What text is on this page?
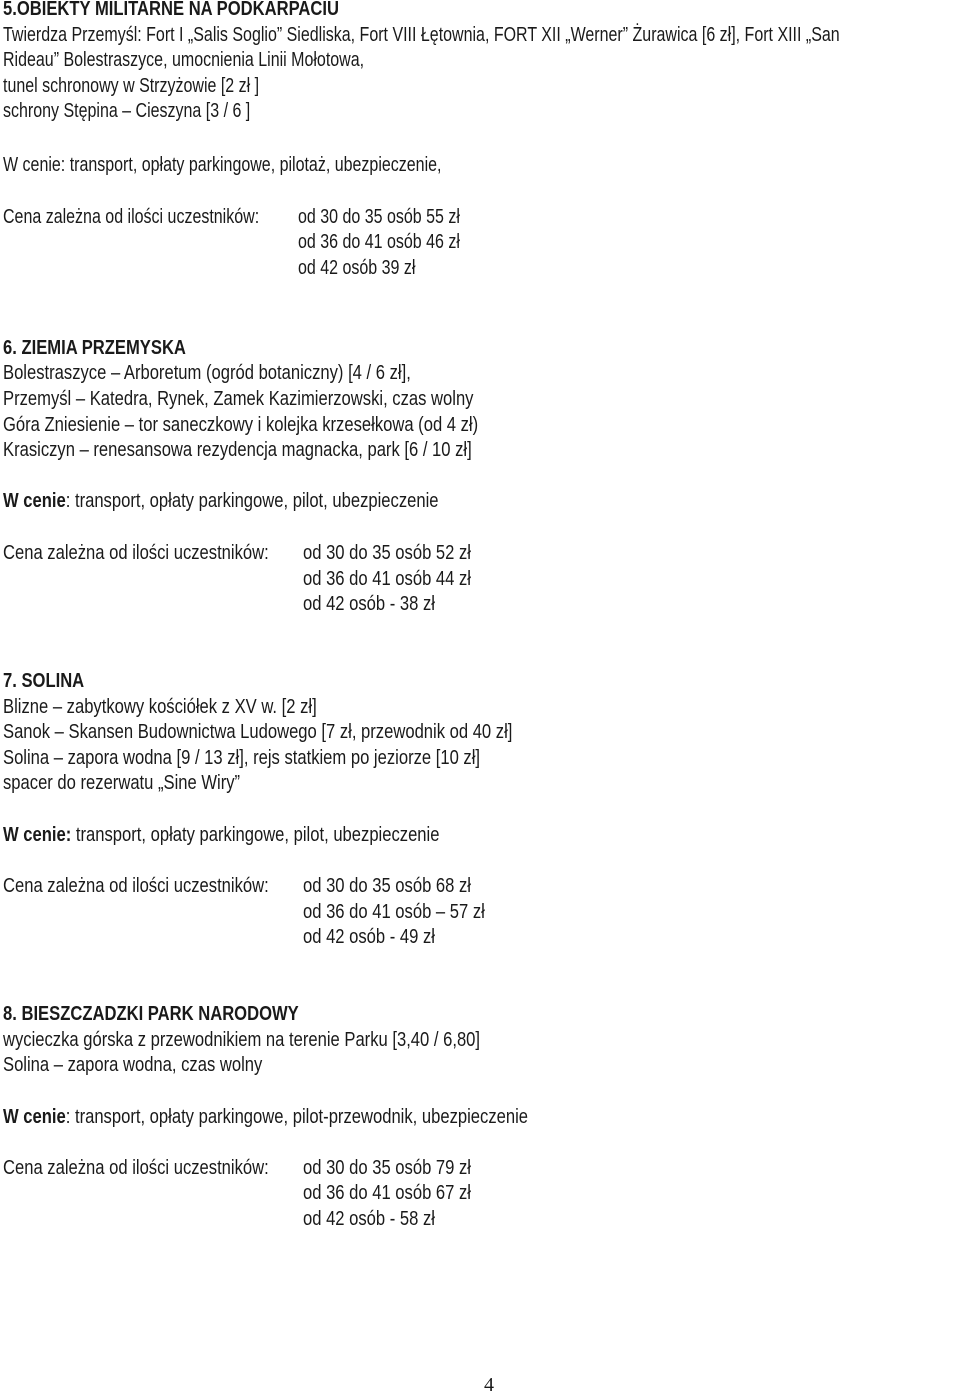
5.OBIEKTY MILITARNE NA PODKARPACIU
Twierdza Przemyśl: Fort I „Salis Soglio” Siedliska, Fort VIII Łętownia, FORT XII „Werner” Żurawica [6 zł], Fort XIII „San
Rideau” Bolestraszyce, umocnienia Linii Mołotowa,
tunel schronowy w Strzyżowie [2 zł ]
schrony Stępina – Cieszyna [3 / 6 ]
W cenie: transport, opłaty parkingowe, pilotaż, ubezpieczenie,
Cena zależna od ilości uczestników: od 30 do 35 osób 55 zł
od 36 do 41 osób 46 zł
od 42 osób 39 zł
6. ZIEMIA PRZEMYSKA
Bolestraszyce – Arboretum (ogród botaniczny) [4 / 6 zł],
Przemyśl – Katedra, Rynek, Zamek Kazimierzowski, czas wolny
Góra Zniesienie – tor saneczkowy i kolejka krzesełkowa (od 4 zł)
Krasiczyn – renesansowa rezydencja magnacka, park [6 / 10 zł]
W cenie: transport, opłaty parkingowe, pilot, ubezpieczenie
Cena zależna od ilości uczestników: od 30 do 35 osób 52 zł
od 36 do 41 osób 44 zł
od 42 osób - 38 zł
7. SOLINA
Blizne – zabytkowy kościółek z XV w. [2 zł]
Sanok – Skansen Budownictwa Ludowego [7 zł, przewodnik od 40 zł]
Solina – zapora wodna [9 / 13 zł], rejs statkiem po jeziorze [10 zł]
spacer do rezerwatu „Sine Wiry”
W cenie: transport, opłaty parkingowe, pilot, ubezpieczenie
Cena zależna od ilości uczestników: od 30 do 35 osób 68 zł
od 36 do 41 osób – 57 zł
od 42 osób - 49 zł
8. BIESZCZADZKI PARK NARODOWY
wycieczka górska z przewodnikiem na terenie Parku [3,40 / 6,80]
Solina – zapora wodna, czas wolny
W cenie: transport, opłaty parkingowe, pilot-przewodnik, ubezpieczenie
Cena zależna od ilości uczestników: od 30 do 35 osób 79 zł
od 36 do 41 osób 67 zł
od 42 osób - 58 zł
4
